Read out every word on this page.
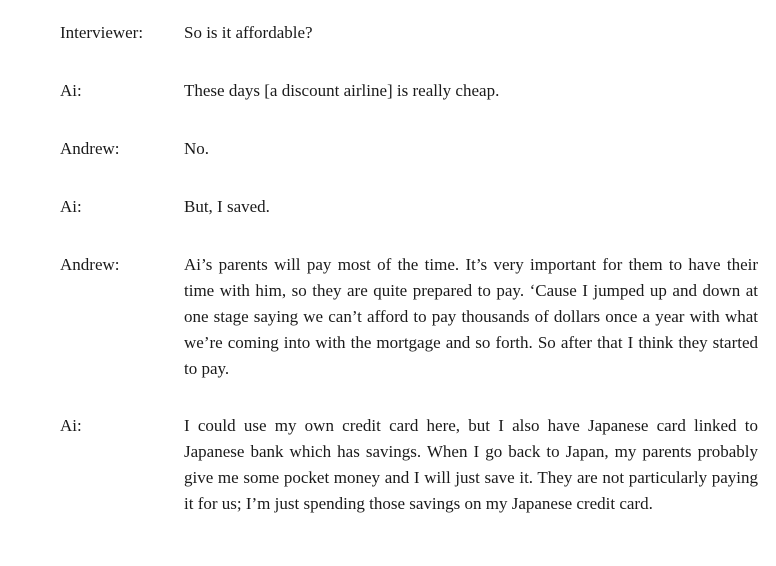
Interviewer:	So is it affordable?
Ai:	These days [a discount airline] is really cheap.
Andrew:	No.
Ai:	But, I saved.
Andrew:	Ai’s parents will pay most of the time. It’s very important for them to have their time with him, so they are quite prepared to pay. ‘Cause I jumped up and down at one stage saying we can’t afford to pay thousands of dollars once a year with what we’re coming into with the mortgage and so forth. So after that I think they started to pay.
Ai:	I could use my own credit card here, but I also have Japanese card linked to Japanese bank which has savings. When I go back to Japan, my parents probably give me some pocket money and I will just save it. They are not particularly paying it for us; I’m just spending those savings on my Japanese credit card.
